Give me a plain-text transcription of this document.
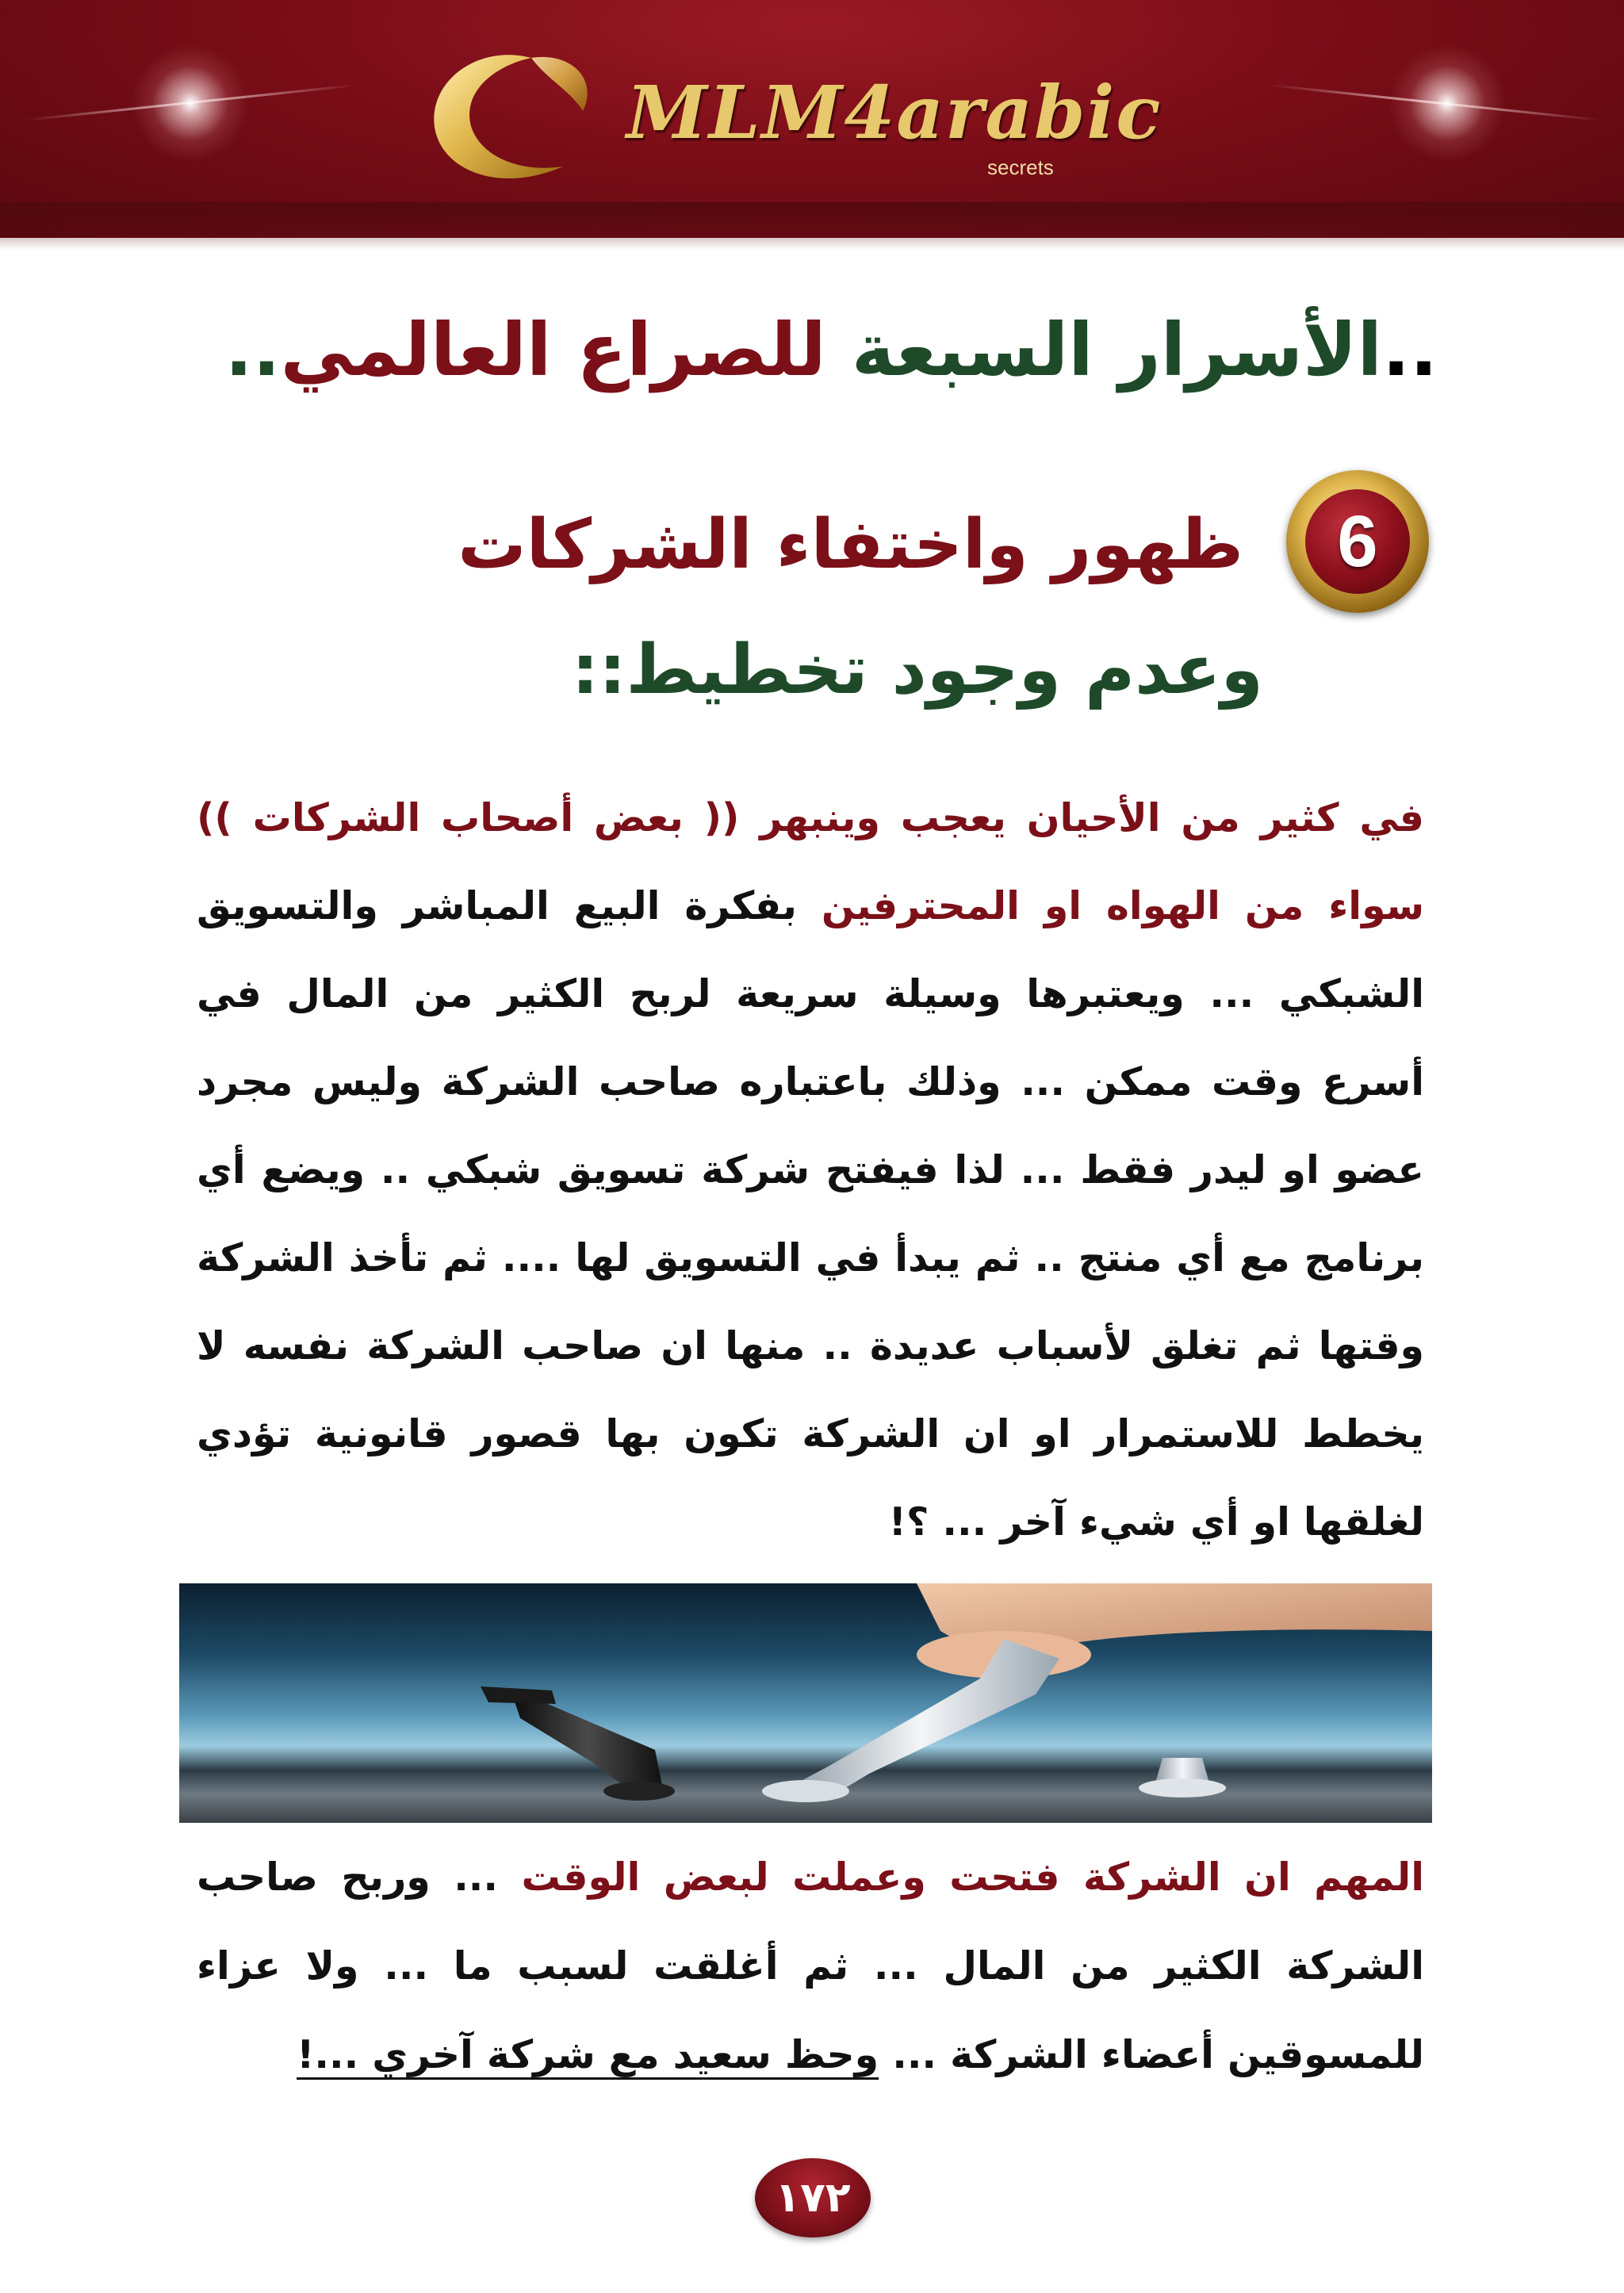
MLM4arabic
secrets
..الأسرار السبعة للصراع العالمي..
6
ظهور واختفاء الشركات
وعدم وجود تخطيط::
في كثير من الأحيان يعجب وينبهر (( بعض أصحاب الشركات )) سواء من الهواه او المحترفين بفكرة البيع المباشر والتسويق الشبكي ... ويعتبرها وسيلة سريعة لربح الكثير من المال في أسرع وقت ممكن ... وذلك باعتباره صاحب الشركة وليس مجرد عضو او ليدر فقط ... لذا فيفتح شركة تسويق شبكي .. ويضع أي برنامج مع أي منتج .. ثم يبدأ في التسويق لها .... ثم تأخذ الشركة وقتها ثم تغلق لأسباب عديدة .. منها ان صاحب الشركة نفسه لا يخطط للاستمرار او ان الشركة تكون بها قصور قانونية تؤدي لغلقها او أي شيء آخر ... ؟!
المهم ان الشركة فتحت وعملت لبعض الوقت ... وربح صاحب الشركة الكثير من المال ... ثم أغلقت لسبب ما ... ولا عزاء للمسوقين أعضاء الشركة ... وحظ سعيد مع شركة آخري ...!
١٧٢
